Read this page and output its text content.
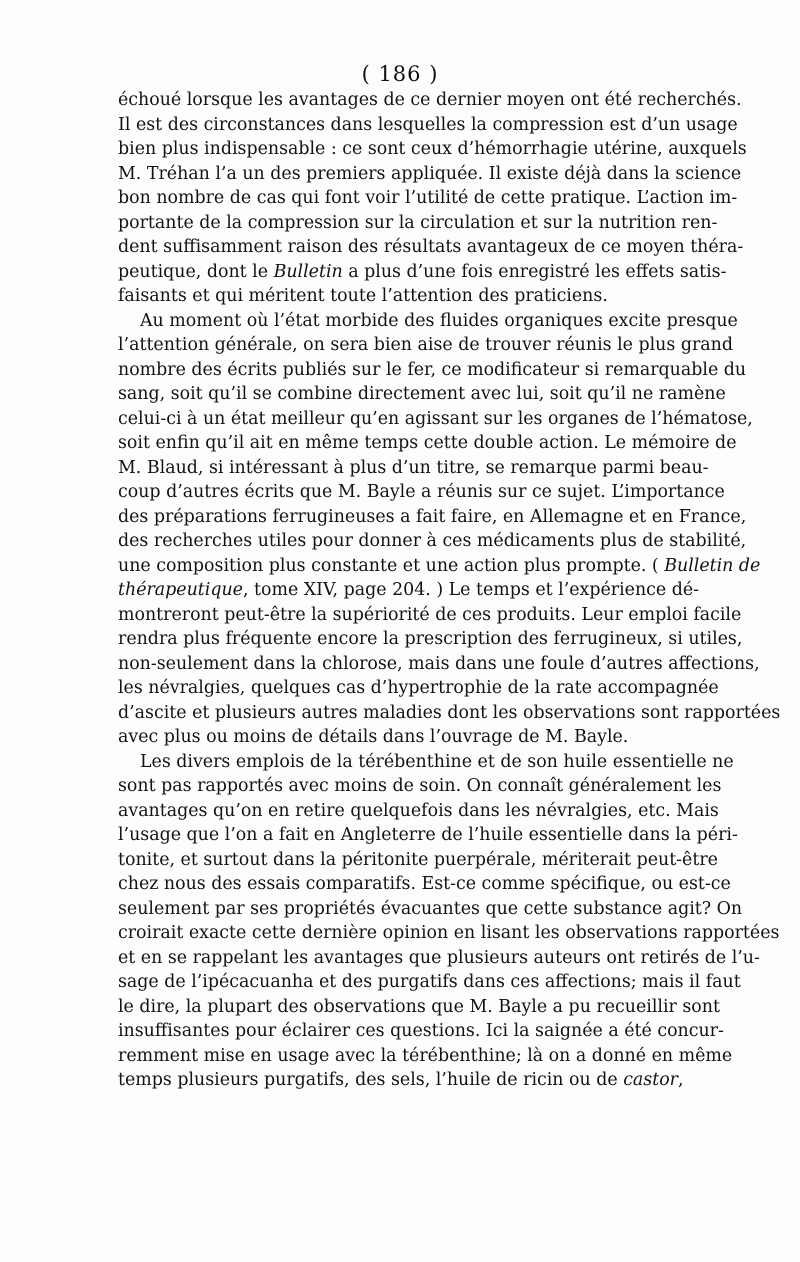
( 186 )
échoué lorsque les avantages de ce dernier moyen ont été recherchés.
Il est des circonstances dans lesquelles la compression est d’un usage
bien plus indispensable : ce sont ceux d’hémorrhagie utérine, auxquels
M. Tréhan l’a un des premiers appliquée. Il existe déjà dans la science
bon nombre de cas qui font voir l’utilité de cette pratique. L’action im-
portante de la compression sur la circulation et sur la nutrition ren-
dent suffisamment raison des résultats avantageux de ce moyen théra-
peutique, dont le Bulletin a plus d’une fois enregistré les effets satis-
faisants et qui méritent toute l’attention des praticiens.
Au moment où l’état morbide des fluides organiques excite presque
l’attention générale, on sera bien aise de trouver réunis le plus grand
nombre des écrits publiés sur le fer, ce modificateur si remarquable du
sang, soit qu’il se combine directement avec lui, soit qu’il ne ramène
celui-ci à un état meilleur qu’en agissant sur les organes de l’hématose,
soit enfin qu’il ait en même temps cette double action. Le mémoire de
M. Blaud, si intéressant à plus d’un titre, se remarque parmi beau-
coup d’autres écrits que M. Bayle a réunis sur ce sujet. L’importance
des préparations ferrugineuses a fait faire, en Allemagne et en France,
des recherches utiles pour donner à ces médicaments plus de stabilité,
une composition plus constante et une action plus prompte. ( Bulletin de
thérapeutique, tome XIV, page 204. ) Le temps et l’expérience dé-
montreront peut-être la supériorité de ces produits. Leur emploi facile
rendra plus fréquente encore la prescription des ferrugineux, si utiles,
non-seulement dans la chlorose, mais dans une foule d’autres affections,
les névralgies, quelques cas d’hypertrophie de la rate accompagnée
d’ascite et plusieurs autres maladies dont les observations sont rapportées
avec plus ou moins de détails dans l’ouvrage de M. Bayle.
Les divers emplois de la térébenthine et de son huile essentielle ne
sont pas rapportés avec moins de soin. On connaît généralement les
avantages qu’on en retire quelquefois dans les névralgies, etc. Mais
l’usage que l’on a fait en Angleterre de l’huile essentielle dans la péri-
tonite, et surtout dans la péritonite puerpérale, mériterait peut-être
chez nous des essais comparatifs. Est-ce comme spécifique, ou est-ce
seulement par ses propriétés évacuantes que cette substance agit? On
croirait exacte cette dernière opinion en lisant les observations rapportées
et en se rappelant les avantages que plusieurs auteurs ont retirés de l’u-
sage de l’ipécacuanha et des purgatifs dans ces affections; mais il faut
le dire, la plupart des observations que M. Bayle a pu recueillir sont
insuffisantes pour éclairer ces questions. Ici la saignée a été concur-
remment mise en usage avec la térébenthine; là on a donné en même
temps plusieurs purgatifs, des sels, l’huile de ricin ou de castor,
